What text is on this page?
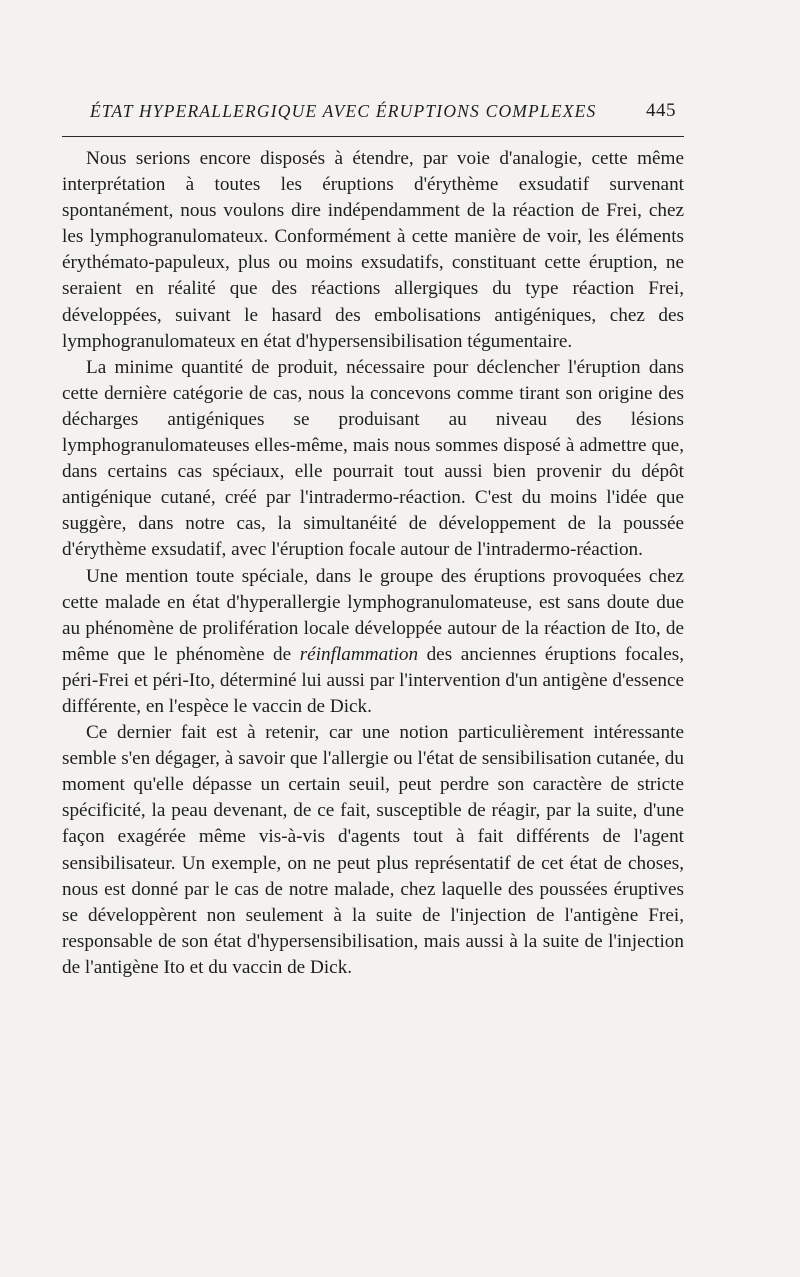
ÉTAT HYPERALLERGIQUE AVEC ÉRUPTIONS COMPLEXES	445

Nous serions encore disposés à étendre, par voie d'analogie, cette même interprétation à toutes les éruptions d'érythème exsudatif survenant spontanément, nous voulons dire indépendamment de la réaction de Frei, chez les lymphogranulomateux. Conformément à cette manière de voir, les éléments érythémato-papuleux, plus ou moins exsudatifs, constituant cette éruption, ne seraient en réalité que des réactions allergiques du type réaction Frei, développées, suivant le hasard des embolisations antigéniques, chez des lymphogranulomateux en état d'hypersensibilisation tégumentaire.

La minime quantité de produit, nécessaire pour déclencher l'éruption dans cette dernière catégorie de cas, nous la concevons comme tirant son origine des décharges antigéniques se produisant au niveau des lésions lymphogranulomateuses elles-même, mais nous sommes disposé à admettre que, dans certains cas spéciaux, elle pourrait tout aussi bien provenir du dépôt antigénique cutané, créé par l'intradermo-réaction. C'est du moins l'idée que suggère, dans notre cas, la simultanéité de développement de la poussée d'érythème exsudatif, avec l'éruption focale autour de l'intradermo-réaction.

Une mention toute spéciale, dans le groupe des éruptions provoquées chez cette malade en état d'hyperallergie lymphogranulomateuse, est sans doute due au phénomène de prolifération locale développée autour de la réaction de Ito, de même que le phénomène de réinflammation des anciennes éruptions focales, péri-Frei et péri-Ito, déterminé lui aussi par l'intervention d'un antigène d'essence différente, en l'espèce le vaccin de Dick.

Ce dernier fait est à retenir, car une notion particulièrement intéressante semble s'en dégager, à savoir que l'allergie ou l'état de sensibilisation cutanée, du moment qu'elle dépasse un certain seuil, peut perdre son caractère de stricte spécificité, la peau devenant, de ce fait, susceptible de réagir, par la suite, d'une façon exagérée même vis-à-vis d'agents tout à fait différents de l'agent sensibilisateur. Un exemple, on ne peut plus représentatif de cet état de choses, nous est donné par le cas de notre malade, chez laquelle des poussées éruptives se développèrent non seulement à la suite de l'injection de l'antigène Frei, responsable de son état d'hypersensibilisation, mais aussi à la suite de l'injection de l'antigène Ito et du vaccin de Dick.
